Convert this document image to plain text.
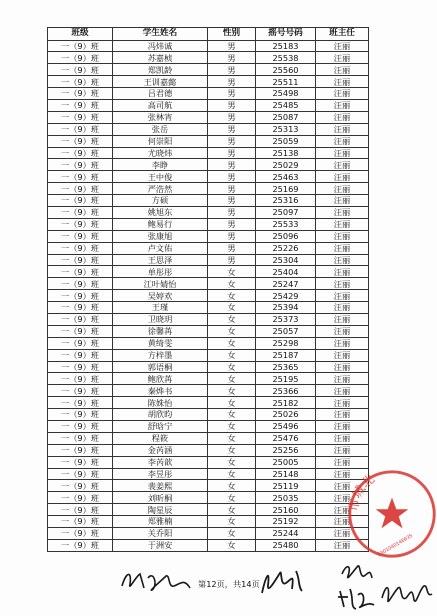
班级	学生姓名	性别	摇号号码	班主任
一（9）班	冯炜诚	男	25183	汪丽
一（9）班	苏嘉桢	男	25538	汪丽
一（9）班	郑凯龄	男	25560	汪丽
一（9）班	王训嘉懿	男	25511	汪丽
一（9）班	吕君德	男	25498	汪丽
一（9）班	高司航	男	25485	汪丽
一（9）班	张林宵	男	25087	汪丽
一（9）班	张岳	男	25313	汪丽
一（9）班	何崇阳	男	25059	汪丽
一（9）班	尤晓炜	男	25138	汪丽
一（9）班	李睁	男	25029	汪丽
一（9）班	王中俊	男	25463	汪丽
一（9）班	严浩然	男	25169	汪丽
一（9）班	方硕	男	25316	汪丽
一（9）班	姚旭东	男	25097	汪丽
一（9）班	鲍易行	男	25533	汪丽
一（9）班	张康旭	男	25096	汪丽
一（9）班	卢文佑	男	25226	汪丽
一（9）班	王思泽	男	25304	汪丽
一（9）班	单彤彤	女	25404	汪丽
一（9）班	江叶婧怡	女	25247	汪丽
一（9）班	吴婷欢	女	25429	汪丽
一（9）班	王瑾	女	25394	汪丽
一（9）班	卫晓玥	女	25373	汪丽
一（9）班	徐馨苒	女	25057	汪丽
一（9）班	黄绮雯	女	25298	汪丽
一（9）班	方梓墨	女	25187	汪丽
一（9）班	郭语桐	女	25365	汪丽
一（9）班	鲍欣苒	女	25195	汪丽
一（9）班	秦烨书	女	25366	汪丽
一（9）班	陈姝怡	女	25182	汪丽
一（9）班	胡欣昀	女	25026	汪丽
一（9）班	舒晗宁	女	25496	汪丽
一（9）班	程筱	女	25476	汪丽
一（9）班	金芮涵	女	25256	汪丽
一（9）班	李芮歆	女	25005	汪丽
一（9）班	李昱彤	女	25148	汪丽
一（9）班	裴姜熙	女	25119	汪丽
一（9）班	刘昕桐	女	25035	汪丽
一（9）班	陶星辰	女	25160	汪丽
一（9）班	郑雅楠	女	25192	汪丽
一（9）班	关乔阳	女	25244	汪丽
一（9）班	于洲安	女	25480	汪丽
市城北
3301040146635
第12页，共14页
